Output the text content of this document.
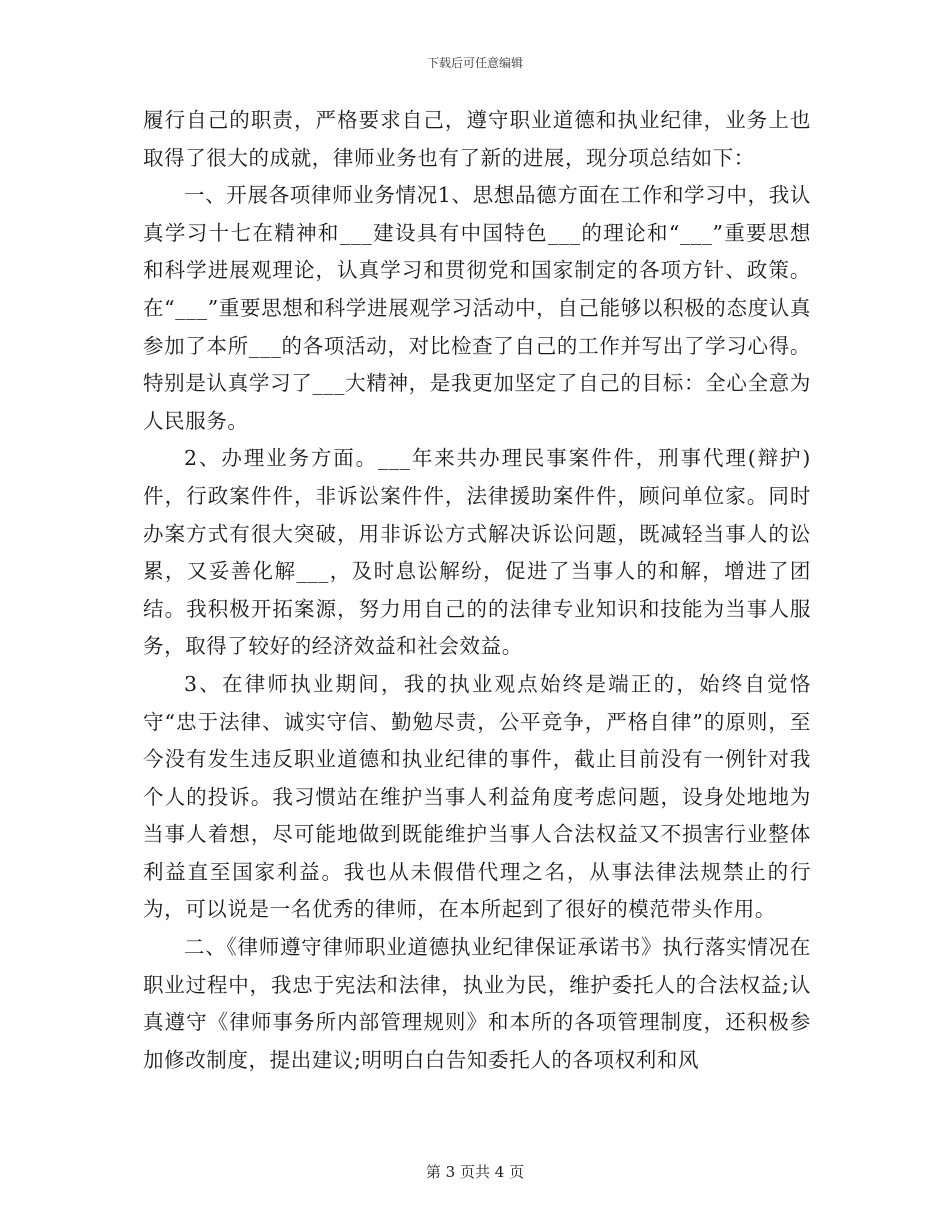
下载后可任意编辑

履行自己的职责，严格要求自己，遵守职业道德和执业纪律，业务上也取得了很大的成就，律师业务也有了新的进展，现分项总结如下：

一、开展各项律师业务情况1、思想品德方面在工作和学习中，我认真学习十七在精神和___建设具有中国特色___的理论和“___”重要思想和科学进展观理论，认真学习和贯彻党和国家制定的各项方针、政策。在“___”重要思想和科学进展观学习活动中，自己能够以积极的态度认真参加了本所___的各项活动，对比检查了自己的工作并写出了学习心得。特别是认真学习了___大精神，是我更加坚定了自己的目标：全心全意为人民服务。

2、办理业务方面。___年来共办理民事案件件，刑事代理(辩护)件，行政案件件，非诉讼案件件，法律援助案件件，顾问单位家。同时办案方式有很大突破，用非诉讼方式解决诉讼问题，既减轻当事人的讼累，又妥善化解___，及时息讼解纷，促进了当事人的和解，增进了团结。我积极开拓案源，努力用自己的的法律专业知识和技能为当事人服务，取得了较好的经济效益和社会效益。

3、在律师执业期间，我的执业观点始终是端正的，始终自觉恪守“忠于法律、诚实守信、勤勉尽责，公平竞争，严格自律”的原则，至今没有发生违反职业道德和执业纪律的事件，截止目前没有一例针对我个人的投诉。我习惯站在维护当事人利益角度考虑问题，设身处地地为当事人着想，尽可能地做到既能维护当事人合法权益又不损害行业整体利益直至国家利益。我也从未假借代理之名，从事法律法规禁止的行为，可以说是一名优秀的律师，在本所起到了很好的模范带头作用。

二、《律师遵守律师职业道德执业纪律保证承诺书》执行落实情况在职业过程中，我忠于宪法和法律，执业为民，维护委托人的合法权益;认真遵守《律师事务所内部管理规则》和本所的各项管理制度，还积极参加修改制度，提出建议;明明白白告知委托人的各项权利和风

第 3 页共 4 页
